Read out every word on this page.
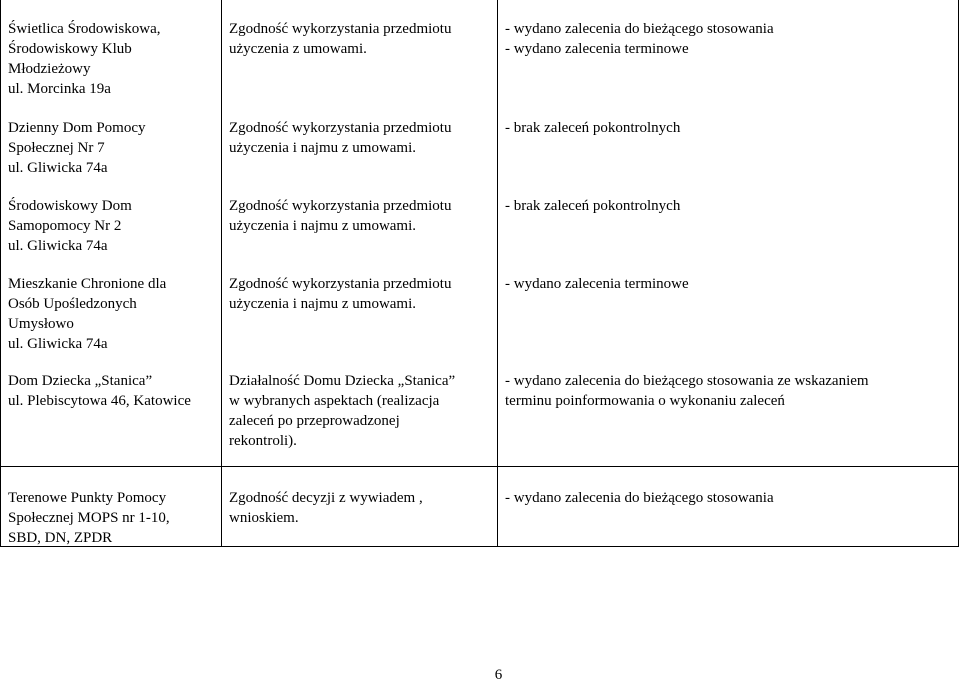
Świetlica Środowiskowa,
Środowiskowy Klub
Młodzieżowy
ul. Morcinka 19a
Zgodność wykorzystania przedmiotu
użyczenia z umowami.
- wydano zalecenia do bieżącego stosowania
- wydano zalecenia terminowe
Dzienny Dom Pomocy
Społecznej Nr 7
ul. Gliwicka 74a
Zgodność wykorzystania przedmiotu
użyczenia i najmu z umowami.
- brak zaleceń pokontrolnych
Środowiskowy Dom
Samopomocy Nr 2
ul. Gliwicka 74a
Zgodność wykorzystania przedmiotu
użyczenia i najmu z umowami.
- brak zaleceń pokontrolnych
Mieszkanie Chronione dla
Osób Upośledzonych
Umysłowo
ul. Gliwicka 74a
Zgodność wykorzystania przedmiotu
użyczenia i najmu z umowami.
- wydano zalecenia terminowe
Dom Dziecka „Stanica”
ul. Plebiscytowa 46, Katowice
Działalność Domu Dziecka „Stanica”
w wybranych aspektach (realizacja
zaleceń po przeprowadzonej
rekontroli).
- wydano zalecenia do bieżącego stosowania ze wskazaniem
terminu poinformowania o wykonaniu zaleceń
Terenowe Punkty Pomocy
Społecznej MOPS nr 1-10,
SBD, DN, ZPDR
Zgodność decyzji z wywiadem ,
wnioskiem.
- wydano zalecenia do bieżącego stosowania
6
